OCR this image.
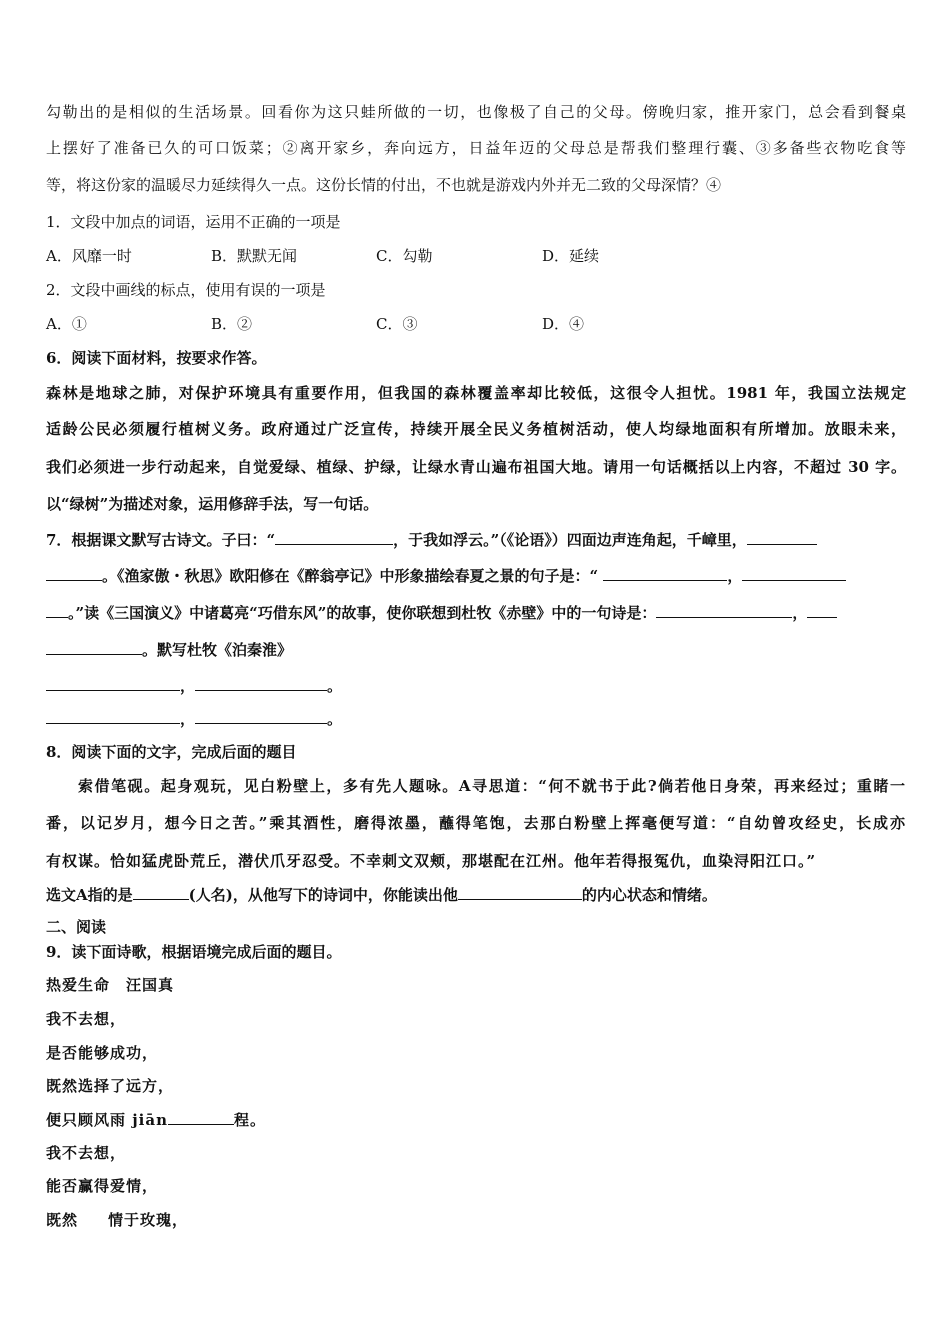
勾勒出的是相似的生活场景。回看你为这只蛙所做的一切，也像极了自己的父母。傍晚归家，推开家门，总会看到餐桌
上摆好了准备已久的可口饭菜；②离开家乡，奔向远方，日益年迈的父母总是帮我们整理行囊、③多备些衣物吃食等
等，将这份家的温暖尽力延续得久一点。这份长情的付出，不也就是游戏内外并无二致的父母深情？④
1．文段中加点的词语，运用不正确的一项是
A．风靡一时	B．默默无闻	C．勾勒	D．延续
2．文段中画线的标点，使用有误的一项是
A．①	B．②	C．③	D．④
6．阅读下面材料，按要求作答。
森林是地球之肺，对保护环境具有重要作用，但我国的森林覆盖率却比较低，这很令人担忧。1981 年，我国立法规定
适龄公民必须履行植树义务。政府通过广泛宣传，持续开展全民义务植树活动，使人均绿地面积有所增加。放眼未来，
我们必须进一步行动起来，自觉爱绿、植绿、护绿，让绿水青山遍布祖国大地。请用一句话概括以上内容，不超过 30 字。
以“绿树”为描述对象，运用修辞手法，写一句话。
7．根据课文默写古诗文。子曰：“	，于我如浮云。”（《论语》）四面边声连角起，千嶂里，
。《渔家傲・秋思》欧阳修在《醉翁亭记》中形象描绘春夏之景的句子是：“	，
。”读《三国演义》中诸葛亮“巧借东风”的故事，使你联想到杜牧《赤壁》中的一句诗是：	，
。默写杜牧《泊秦淮》
，	。
，	。
8．阅读下面的文字，完成后面的题目
索借笔砚。起身观玩，见白粉壁上，多有先人题咏。A寻思道：“何不就书于此?倘若他日身荣，再来经过；重睹一
番，以记岁月，想今日之苦。”乘其酒性，磨得浓墨，蘸得笔饱，去那白粉壁上挥毫便写道：“自幼曾攻经史，长成亦
有权谋。恰如猛虎卧荒丘，潜伏爪牙忍受。不幸刺文双颊，那堪配在江州。他年若得报冤仇，血染浔阳江口。”
选文A指的是	(人名)，从他写下的诗词中，你能读出他	的内心状态和情绪。
二、阅读
9．读下面诗歌，根据语境完成后面的题目。
热爱生命　汪国真
我不去想，
是否能够成功，
既然选择了远方，
便只顾风雨 jiān	程。
我不去想，
能否赢得爱情，
既然 情于玫瑰，
